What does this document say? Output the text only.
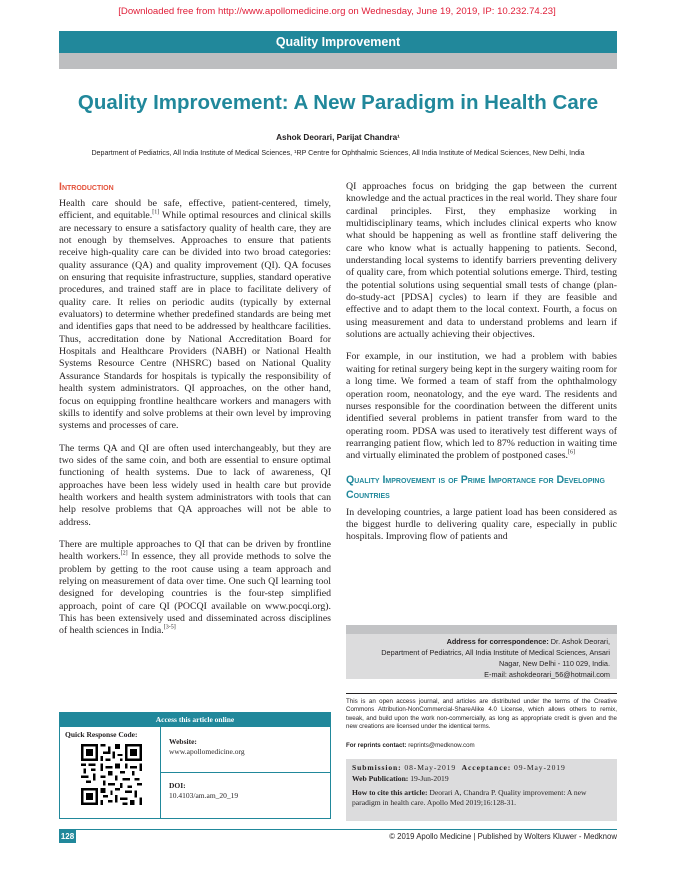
[Downloaded free from http://www.apollomedicine.org on Wednesday, June 19, 2019, IP: 10.232.74.23]
Quality Improvement
Quality Improvement: A New Paradigm in Health Care
Ashok Deorari, Parijat Chandra¹
Department of Pediatrics, All India Institute of Medical Sciences, ¹RP Centre for Ophthalmic Sciences, All India Institute of Medical Sciences, New Delhi, India
Introduction

Health care should be safe, effective, patient-centered, timely, efficient, and equitable.[1] While optimal resources and clinical skills are necessary to ensure a satisfactory quality of health care, they are not enough by themselves. Approaches to ensure that patients receive high-quality care can be divided into two broad categories: quality assurance (QA) and quality improvement (QI). QA focuses on ensuring that requisite infrastructure, supplies, standard operative procedures, and trained staff are in place to facilitate delivery of quality care. It relies on periodic audits (typically by external evaluators) to determine whether predefined standards are being met and identifies gaps that need to be addressed by healthcare facilities. Thus, accreditation done by National Accreditation Board for Hospitals and Healthcare Providers (NABH) or National Health Systems Resource Centre (NHSRC) based on National Quality Assurance Standards for hospitals is typically the responsibility of health system administrators. QI approaches, on the other hand, focus on equipping frontline healthcare workers and managers with skills to identify and solve problems at their own level by improving systems and processes of care.

The terms QA and QI are often used interchangeably, but they are two sides of the same coin, and both are essential to ensure optimal functioning of health systems. Due to lack of awareness, QI approaches have been less widely used in health care but provide health workers and health system administrators with tools that can help resolve problems that QA approaches will not be able to address.

There are multiple approaches to QI that can be driven by frontline health workers.[2] In essence, they all provide methods to solve the problem by getting to the root cause using a team approach and relying on measurement of data over time. One such QI learning tool designed for developing countries is the four-step simplified approach, point of care QI (POCQI available on www.pocqi.org). This has been extensively used and disseminated across disciplines of health sciences in India.[3-5]

QI approaches focus on bridging the gap between the current knowledge and the actual practices in the real world. They share four cardinal principles. First, they emphasize working in multidisciplinary teams, which includes clinical experts who know what should be happening as well as frontline staff delivering the care who know what is actually happening to patients. Second, understanding local systems to identify barriers preventing delivery of quality care, from which potential solutions emerge. Third, testing the potential solutions using sequential small tests of change (plan-do-study-act [PDSA] cycles) to learn if they are feasible and effective and to adapt them to the local context. Fourth, a focus on using measurement and data to understand problems and learn if solutions are actually achieving their objectives.

For example, in our institution, we had a problem with babies waiting for retinal surgery being kept in the surgery waiting room for a long time. We formed a team of staff from the ophthalmology operation room, neonatology, and the eye ward. The residents and nurses responsible for the coordination between the different units identified several problems in patient transfer from ward to the operating room. PDSA was used to iteratively test different ways of rearranging patient flow, which led to 87% reduction in waiting time and virtually eliminated the problem of postponed cases.[6]

Quality Improvement is of Prime Importance for Developing Countries

In developing countries, a large patient load has been considered as the biggest hurdle to delivering quality care, especially in public hospitals. Improving flow of patients and

Access this article online
Quick Response Code:
Website:
www.apollomedicine.org
DOI:
10.4103/am.am_20_19
Address for correspondence: Dr. Ashok Deorari,
Department of Pediatrics, All India Institute of Medical Sciences, Ansari
Nagar, New Delhi - 110 029, India.
E-mail: ashokdeorari_56@hotmail.com
This is an open access journal, and articles are distributed under the terms of the Creative Commons Attribution-NonCommercial-ShareAlike 4.0 License, which allows others to remix, tweak, and build upon the work non-commercially, as long as appropriate credit is given and the new creations are licensed under the identical terms.
For reprints contact: reprints@medknow.com
Submission: 08-May-2019 Acceptance: 09-May-2019
Web Publication: 19-Jun-2019
How to cite this article: Deorari A, Chandra P. Quality improvement: A new paradigm in health care. Apollo Med 2019;16:128-31.
128	© 2019 Apollo Medicine | Published by Wolters Kluwer - Medknow
